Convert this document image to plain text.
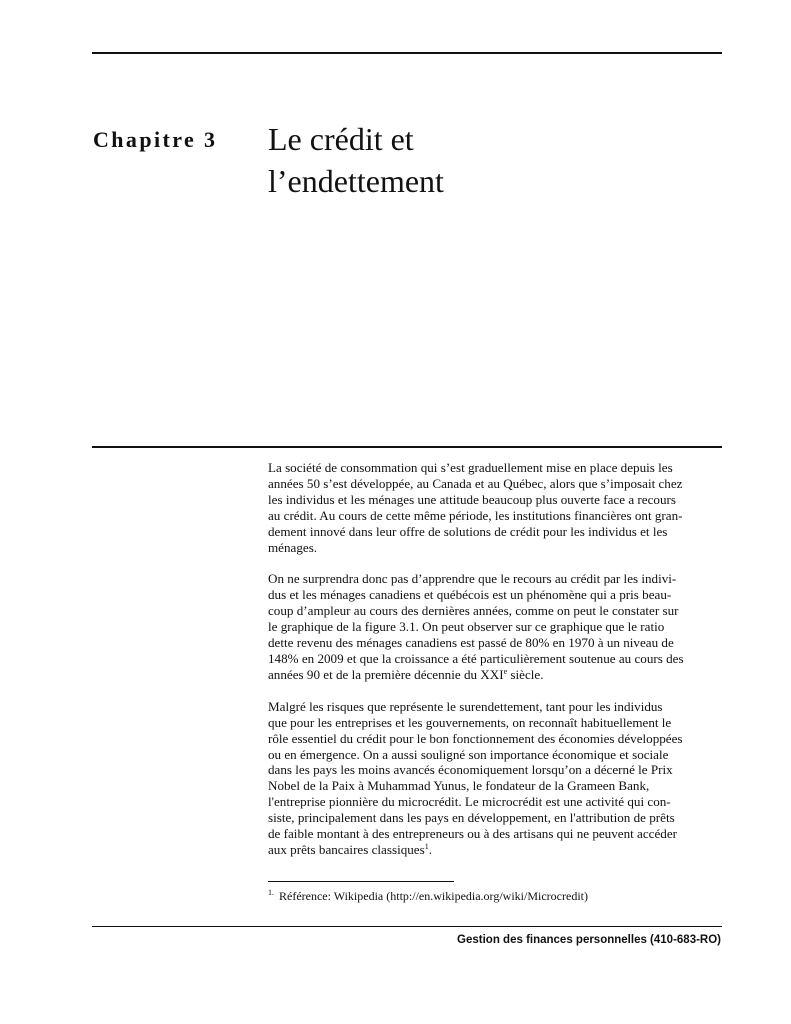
Chapitre 3 Le crédit et
l’endettement

La société de consommation qui s’est graduellement mise en place depuis les
années 50 s’est développée, au Canada et au Québec, alors que s’imposait chez
les individus et les ménages une attitude beaucoup plus ouverte face a recours
au crédit. Au cours de cette même période, les institutions financières ont gran-
dement innové dans leur offre de solutions de crédit pour les individus et les
ménages.

On ne surprendra donc pas d’apprendre que le recours au crédit par les indivi-
dus et les ménages canadiens et québécois est un phénomène qui a pris beau-
coup d’ampleur au cours des dernières années, comme on peut le constater sur
le graphique de la figure 3.1. On peut observer sur ce graphique que le ratio
dette revenu des ménages canadiens est passé de 80% en 1970 à un niveau de
148% en 2009 et que la croissance a été particulièrement soutenue au cours des
années 90 et de la première décennie du XXIe siècle.

Malgré les risques que représente le surendettement, tant pour les individus
que pour les entreprises et les gouvernements, on reconnaît habituellement le
rôle essentiel du crédit pour le bon fonctionnement des économies développées
ou en émergence. On a aussi souligné son importance économique et sociale
dans les pays les moins avancés économiquement lorsqu’on a décerné le Prix
Nobel de la Paix à Muhammad Yunus, le fondateur de la Grameen Bank,
l'entreprise pionnière du microcrédit. Le microcrédit est une activité qui con-
siste, principalement dans les pays en développement, en l'attribution de prêts
de faible montant à des entrepreneurs ou à des artisans qui ne peuvent accéder
aux prêts bancaires classiques$^1$.

$^{1.}$ Référence: Wikipedia (http://en.wikipedia.org/wiki/Microcredit)
Gestion des finances personnelles (410-683-RO)
